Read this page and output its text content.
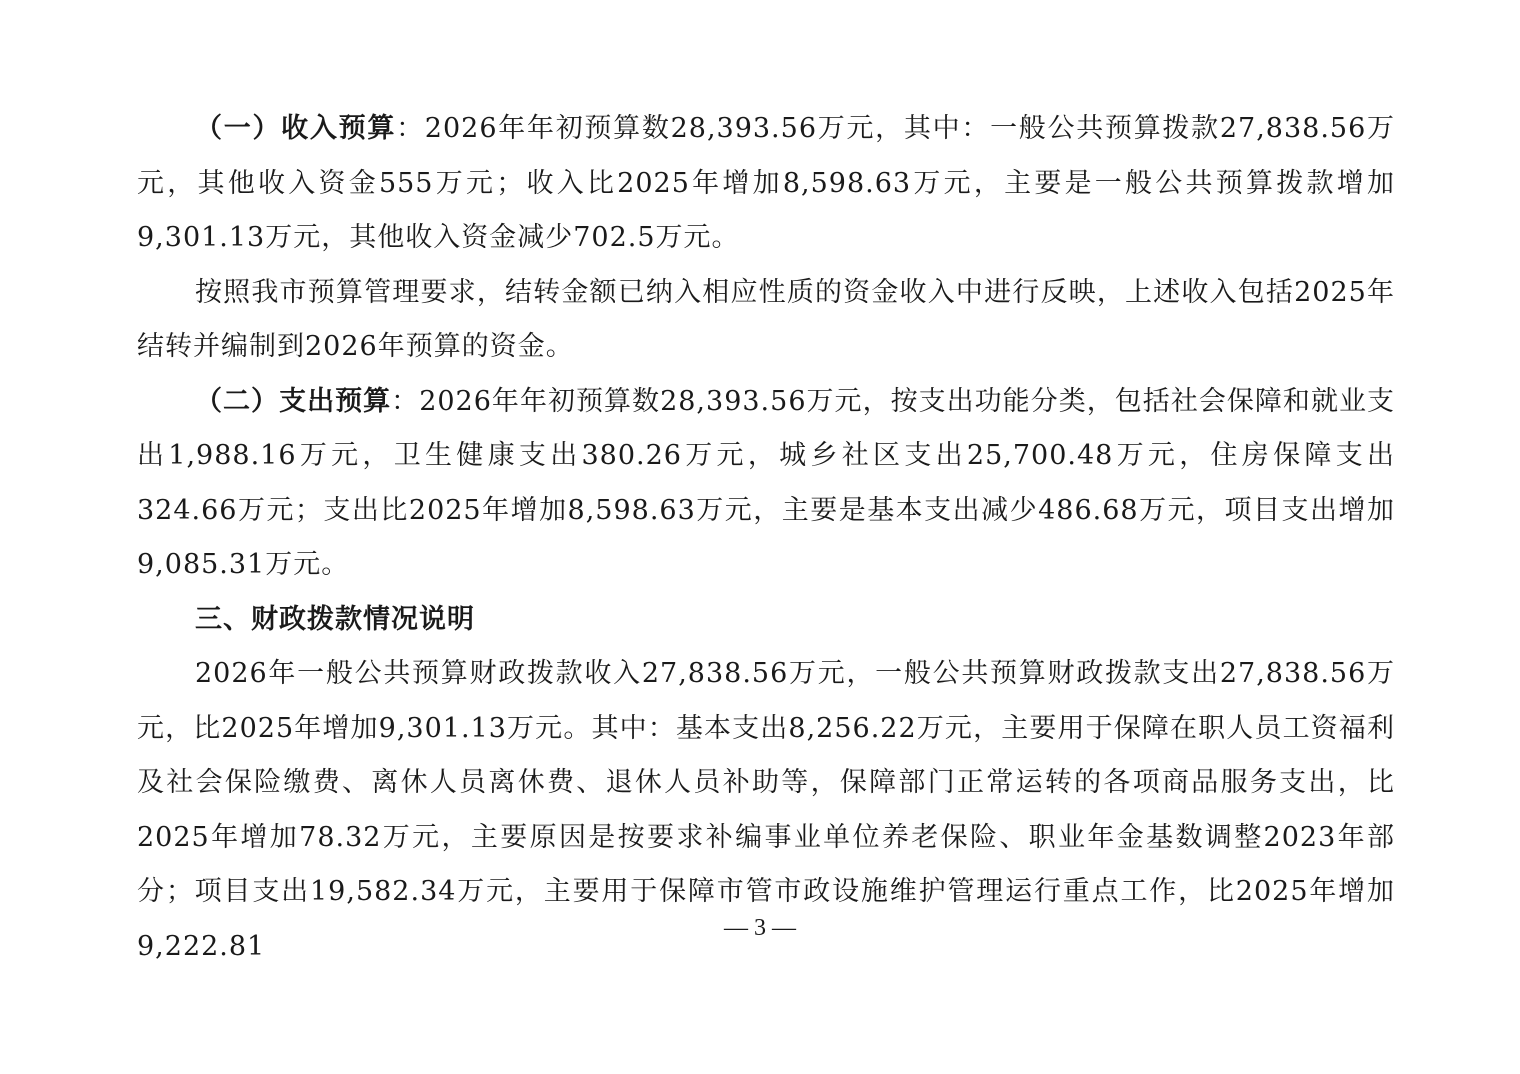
（一）收入预算：2026年年初预算数28,393.56万元，其中：一般公共预算拨款27,838.56万元，其他收入资金555万元；收入比2025年增加8,598.63万元，主要是一般公共预算拨款增加9,301.13万元，其他收入资金减少702.5万元。

按照我市预算管理要求，结转金额已纳入相应性质的资金收入中进行反映，上述收入包括2025年结转并编制到2026年预算的资金。

（二）支出预算：2026年年初预算数28,393.56万元，按支出功能分类，包括社会保障和就业支出1,988.16万元，卫生健康支出380.26万元，城乡社区支出25,700.48万元，住房保障支出324.66万元；支出比2025年增加8,598.63万元，主要是基本支出减少486.68万元，项目支出增加9,085.31万元。

三、财政拨款情况说明

2026年一般公共预算财政拨款收入27,838.56万元，一般公共预算财政拨款支出27,838.56万元，比2025年增加9,301.13万元。其中：基本支出8,256.22万元，主要用于保障在职人员工资福利及社会保险缴费、离休人员离休费、退休人员补助等，保障部门正常运转的各项商品服务支出，比2025年增加78.32万元，主要原因是按要求补编事业单位养老保险、职业年金基数调整2023年部分；项目支出19,582.34万元，主要用于保障市管市政设施维护管理运行重点工作，比2025年增加9,222.81

— 3 —
